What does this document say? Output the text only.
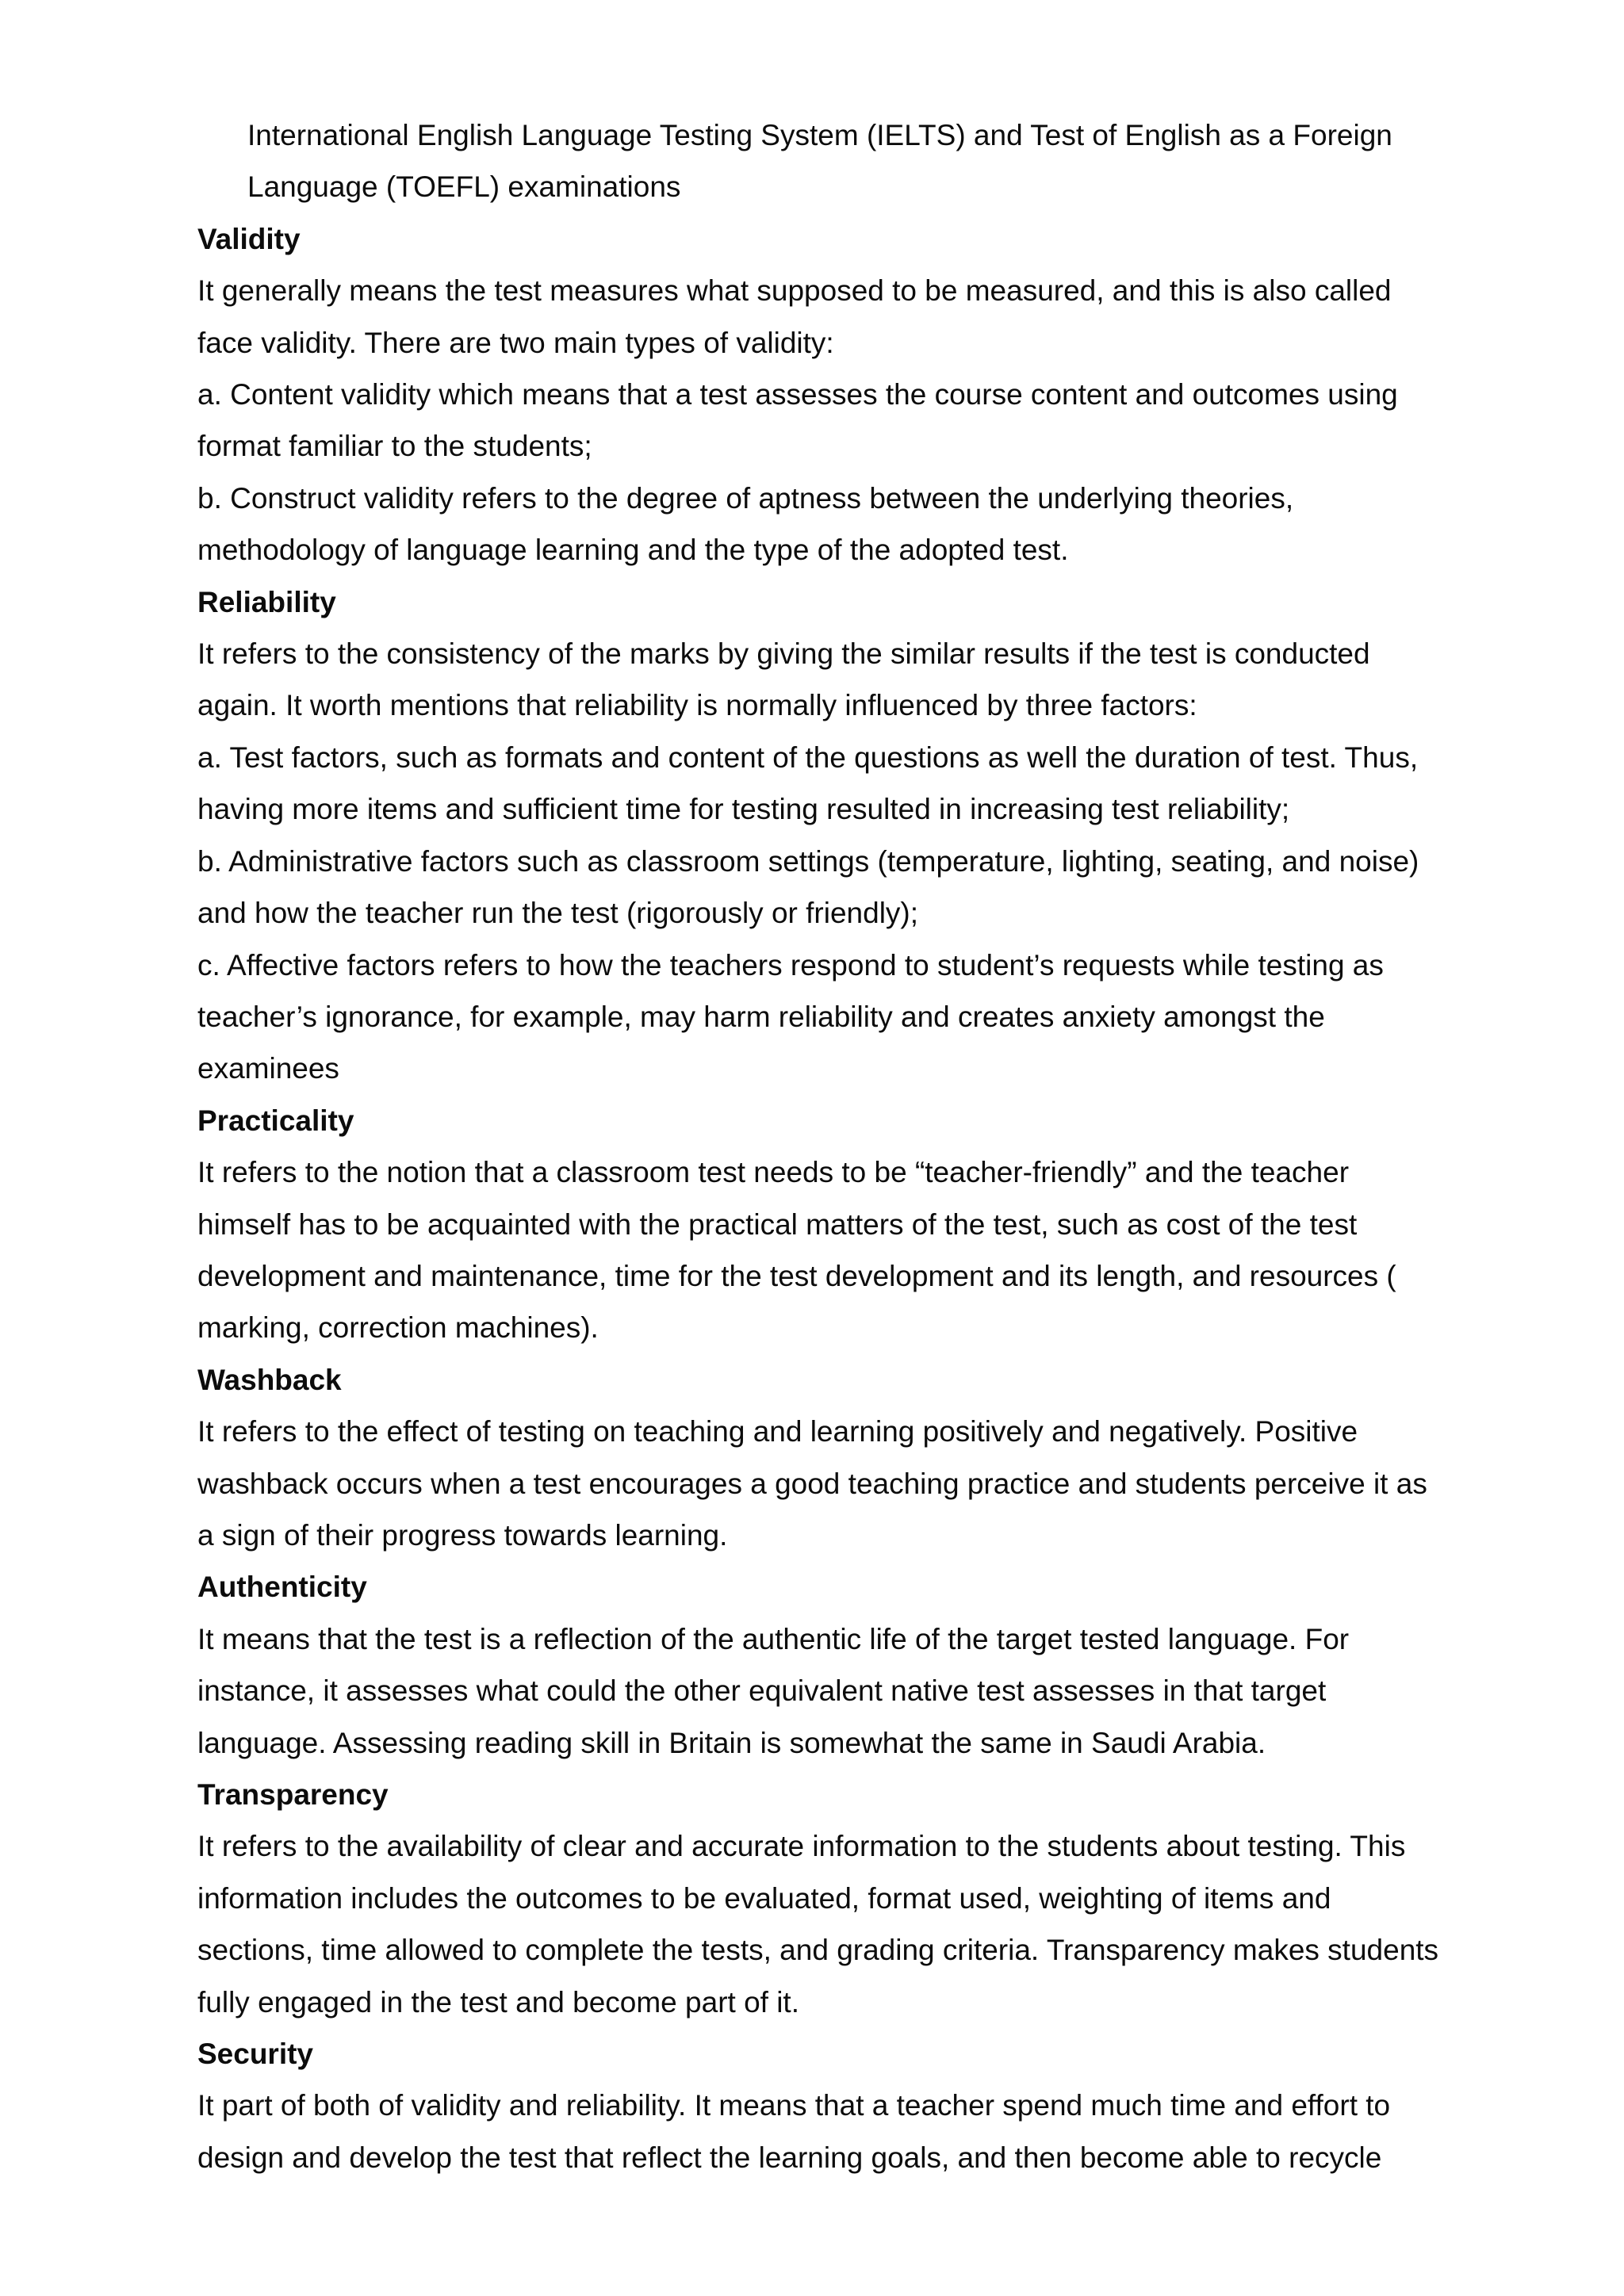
International English Language Testing System (IELTS) and Test of English as a Foreign Language (TOEFL) examinations

Validity

It generally means the test measures what supposed to be measured, and this is also called face validity. There are two main types of validity:

a. Content validity which means that a test assesses the course content and outcomes using format familiar to the students;

b. Construct validity refers to the degree of aptness between the underlying theories, methodology of language learning and the type of the adopted test.

Reliability

It refers to the consistency of the marks by giving the similar results if the test is conducted again. It worth mentions that reliability is normally influenced by three factors:

a. Test factors, such as formats and content of the questions as well the duration of test. Thus, having more items and sufficient time for testing resulted in increasing test reliability;

b. Administrative factors such as classroom settings (temperature, lighting, seating, and noise) and how the teacher run the test (rigorously or friendly);

c. Affective factors refers to how the teachers respond to student’s requests while testing as teacher’s ignorance, for example, may harm reliability and creates anxiety amongst the examinees

Practicality

It refers to the notion that a classroom test needs to be “teacher-friendly” and the teacher himself has to be acquainted with the practical matters of the test, such as cost of the test development and maintenance, time for the test development and its length, and resources ( marking, correction machines).

Washback

It refers to the effect of testing on teaching and learning positively and negatively. Positive washback occurs when a test encourages a good teaching practice and students perceive it as a sign of their progress towards learning.

Authenticity

It means that the test is a reflection of the authentic life of the target tested language. For instance, it assesses what could the other equivalent native test assesses in that target language. Assessing reading skill in Britain is somewhat the same in Saudi Arabia.

Transparency

It refers to the availability of clear and accurate information to the students about testing. This information includes the outcomes to be evaluated, format used, weighting of items and sections, time allowed to complete the tests, and grading criteria. Transparency makes students fully engaged in the test and become part of it.

Security

It part of both of validity and reliability. It means that a teacher spend much time and effort to design and develop the test that reflect the learning goals, and then become able to recycle
